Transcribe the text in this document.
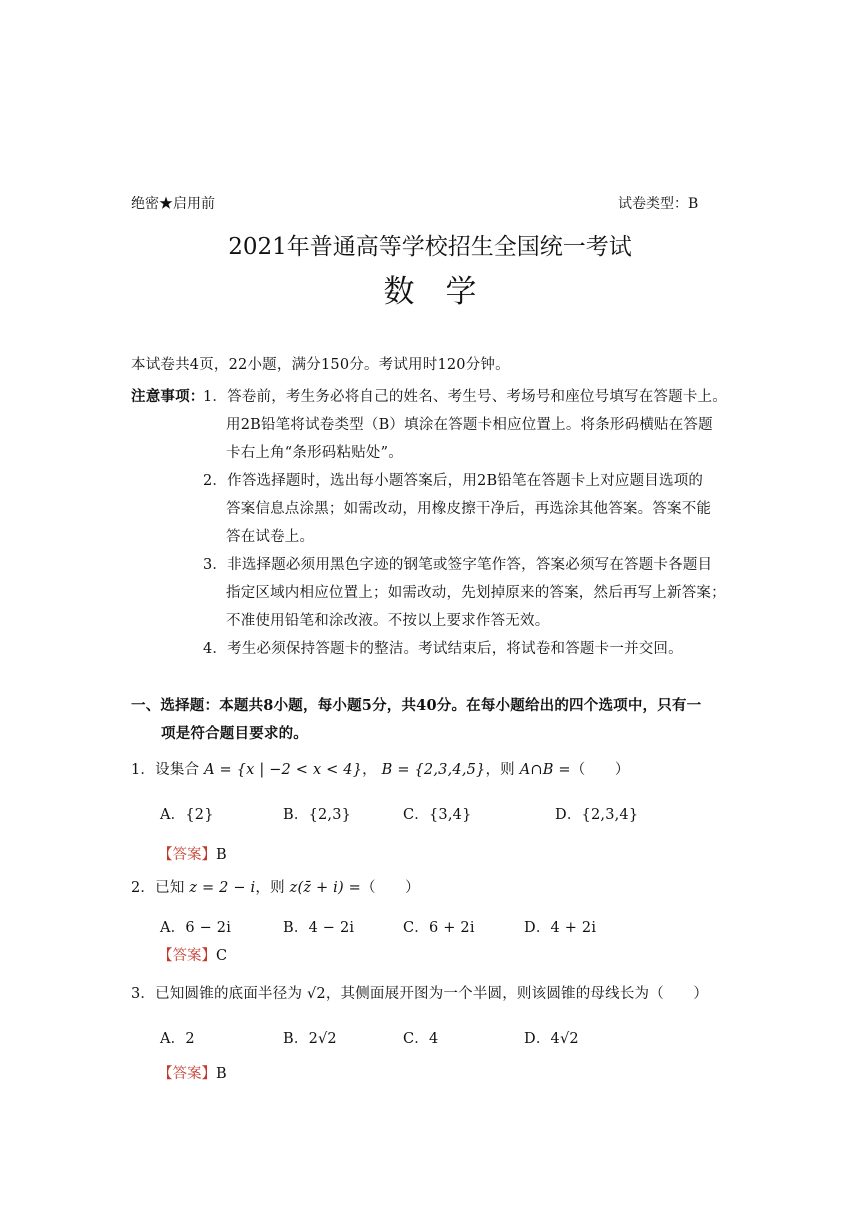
绝密★启用前	试卷类型：B
2021年普通高等学校招生全国统一考试
数　学
本试卷共4页，22小题，满分150分。考试用时120分钟。
注意事项：
1．答卷前，考生务必将自己的姓名、考生号、考场号和座位号填写在答题卡上。
用2B铅笔将试卷类型（B）填涂在答题卡相应位置上。将条形码横贴在答题
卡右上角“条形码粘贴处”。
2．作答选择题时，选出每小题答案后，用2B铅笔在答题卡上对应题目选项的
答案信息点涂黑；如需改动，用橡皮擦干净后，再选涂其他答案。答案不能
答在试卷上。
3．非选择题必须用黑色字迹的钢笔或签字笔作答，答案必须写在答题卡各题目
指定区域内相应位置上；如需改动，先划掉原来的答案，然后再写上新答案；
不准使用铅笔和涂改液。不按以上要求作答无效。
4．考生必须保持答题卡的整洁。考试结束后，将试卷和答题卡一并交回。
一、选择题：本题共8小题，每小题5分，共40分。在每小题给出的四个选项中，只有一
项是符合题目要求的。
1．设集合 A = {x | −2 < x < 4}， B = {2,3,4,5}，则 A∩B =（　　）
A．{2}	B．{2,3}	C．{3,4}	D．{2,3,4}
【答案】B
2．已知 z = 2 − i，则 z(z̄ + i) =（　　）
A．6 − 2i	B．4 − 2i	C．6 + 2i	D．4 + 2i
【答案】C
3．已知圆锥的底面半径为 √2，其侧面展开图为一个半圆，则该圆锥的母线长为（　　）
A．2	B．2√2	C．4	D．4√2
【答案】B
